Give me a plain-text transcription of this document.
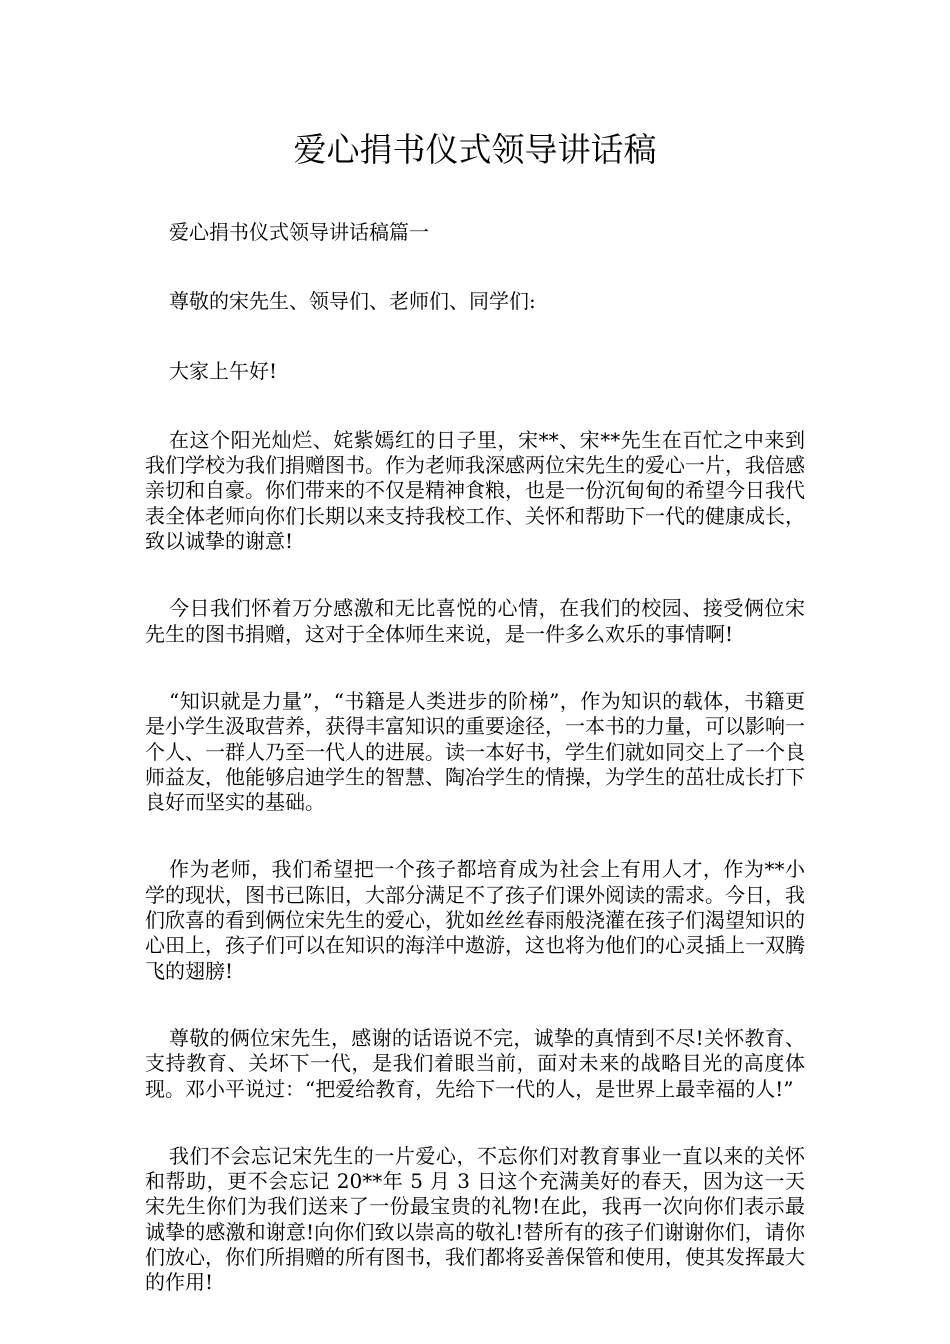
爱心捐书仪式领导讲话稿

爱心捐书仪式领导讲话稿篇一

尊敬的宋先生、领导们、老师们、同学们:

大家上午好!

在这个阳光灿烂、姹紫嫣红的日子里，宋**、宋**先生在百忙之中来到我们学校为我们捐赠图书。作为老师我深感两位宋先生的爱心一片，我倍感亲切和自豪。你们带来的不仅是精神食粮，也是一份沉甸甸的希望今日我代表全体老师向你们长期以来支持我校工作、关怀和帮助下一代的健康成长，致以诚挚的谢意!

今日我们怀着万分感激和无比喜悦的心情，在我们的校园、接受俩位宋先生的图书捐赠，这对于全体师生来说，是一件多么欢乐的事情啊!

“知识就是力量”，“书籍是人类进步的阶梯”，作为知识的载体，书籍更是小学生汲取营养，获得丰富知识的重要途径，一本书的力量，可以影响一个人、一群人乃至一代人的进展。读一本好书，学生们就如同交上了一个良师益友，他能够启迪学生的智慧、陶冶学生的情操，为学生的茁壮成长打下良好而坚实的基础。

作为老师，我们希望把一个孩子都培育成为社会上有用人才，作为**小学的现状，图书已陈旧，大部分满足不了孩子们课外阅读的需求。今日，我们欣喜的看到俩位宋先生的爱心，犹如丝丝春雨般浇灌在孩子们渴望知识的心田上，孩子们可以在知识的海洋中遨游，这也将为他们的心灵插上一双腾飞的翅膀!

尊敬的俩位宋先生，感谢的话语说不完，诚挚的真情到不尽!关怀教育、支持教育、关坏下一代，是我们着眼当前，面对未来的战略目光的高度体现。邓小平说过：“把爱给教育，先给下一代的人，是世界上最幸福的人!”

我们不会忘记宋先生的一片爱心，不忘你们对教育事业一直以来的关怀和帮助，更不会忘记 20**年 5 月 3 日这个充满美好的春天，因为这一天宋先生你们为我们送来了一份最宝贵的礼物!在此，我再一次向你们表示最诚挚的感激和谢意!向你们致以崇高的敬礼!替所有的孩子们谢谢你们，请你们放心，你们所捐赠的所有图书，我们都将妥善保管和使用，使其发挥最大的作用!
